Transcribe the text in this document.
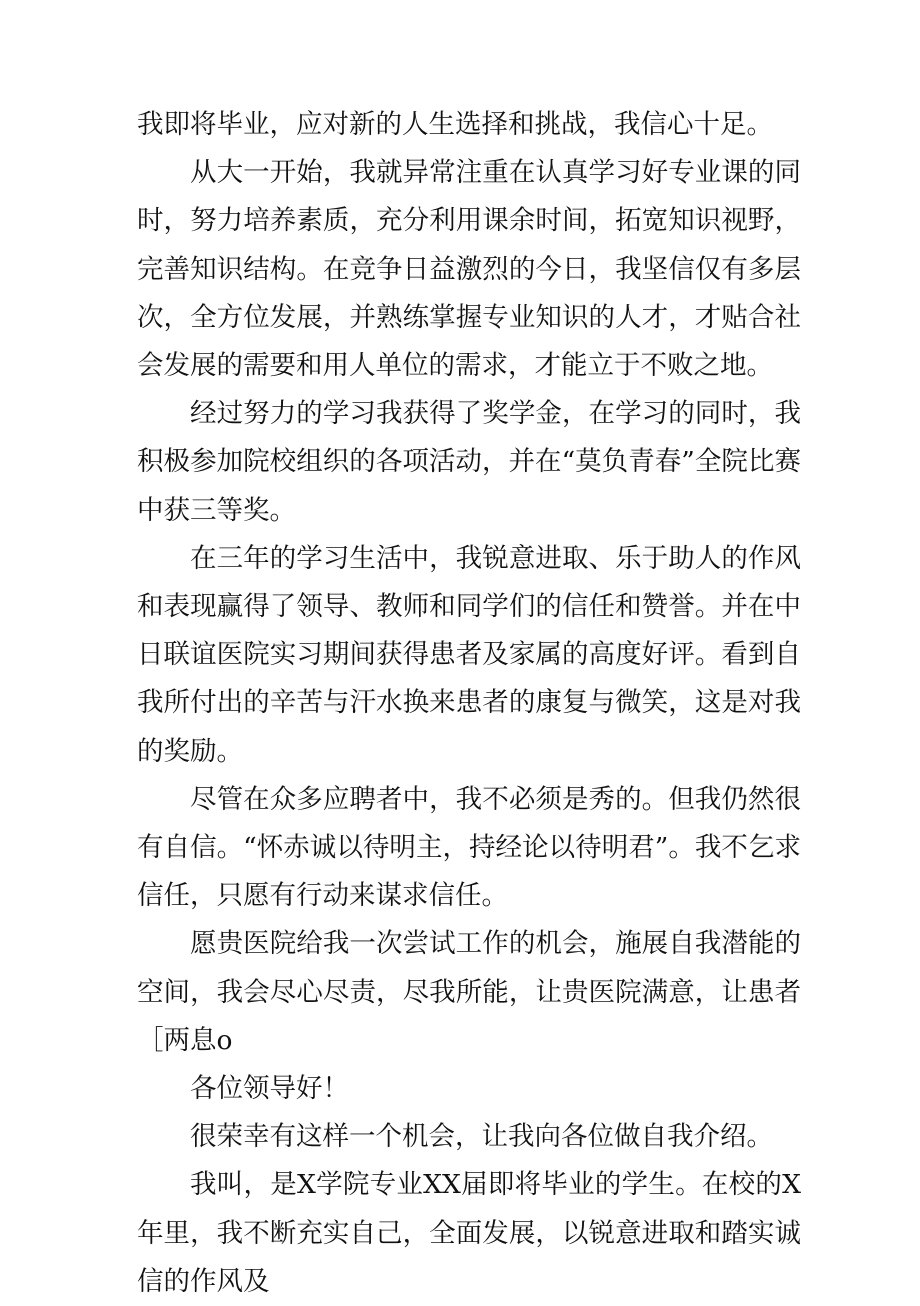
我即将毕业，应对新的人生选择和挑战，我信心十足。

从大一开始，我就异常注重在认真学习好专业课的同时，努力培养素质，充分利用课余时间，拓宽知识视野，完善知识结构。在竞争日益激烈的今日，我坚信仅有多层次，全方位发展，并熟练掌握专业知识的人才，才贴合社会发展的需要和用人单位的需求，才能立于不败之地。

经过努力的学习我获得了奖学金，在学习的同时，我积极参加院校组织的各项活动，并在“莫负青春”全院比赛中获三等奖。

在三年的学习生活中，我锐意进取、乐于助人的作风和表现赢得了领导、教师和同学们的信任和赞誉。并在中日联谊医院实习期间获得患者及家属的高度好评。看到自我所付出的辛苦与汗水换来患者的康复与微笑，这是对我的奖励。

尽管在众多应聘者中，我不必须是秀的。但我仍然很有自信。“怀赤诚以待明主，持经论以待明君”。我不乞求信任，只愿有行动来谋求信任。

愿贵医院给我一次尝试工作的机会，施展自我潜能的空间，我会尽心尽责，尽我所能，让贵医院满意，让患者［两息o

各位领导好！

很荣幸有这样一个机会，让我向各位做自我介绍。

我叫，是X学院专业XX届即将毕业的学生。在校的X年里，我不断充实自己，全面发展，以锐意进取和踏实诚信的作风及
